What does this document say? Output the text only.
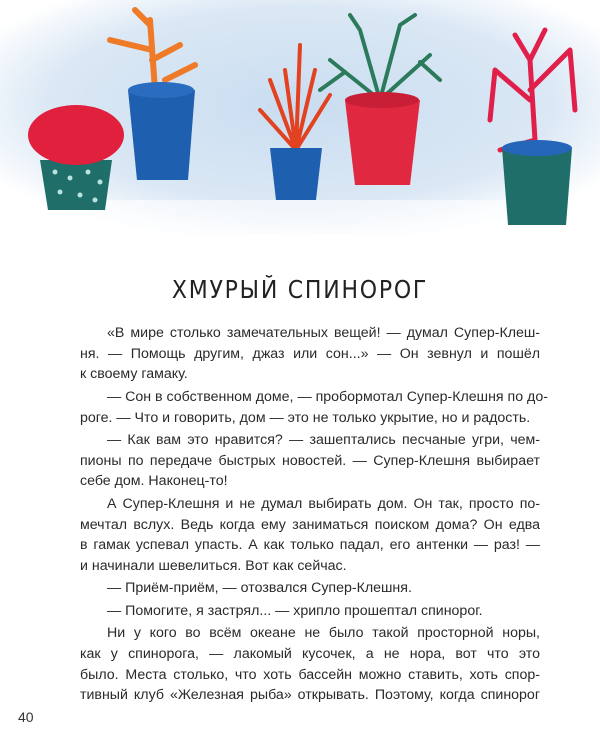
ХМУРЫЙ СПИНОРОГ
«В мире столько замечательных вещей! — думал Супер-Клеш-
ня. — Помощь другим, джаз или сон...» — Он зевнул и пошёл
к своему гамаку.
— Сон в собственном доме, — пробормотал Супер-Клешня по до-
роге. — Что и говорить, дом — это не только укрытие, но и радость.
— Как вам это нравится? — зашептались песчаные угри, чем-
пионы по передаче быстрых новостей. — Супер-Клешня выбирает
себе дом. Наконец-то!
А Супер-Клешня и не думал выбирать дом. Он так, просто по-
мечтал вслух. Ведь когда ему заниматься поиском дома? Он едва
в гамак успевал упасть. А как только падал, его антенки — раз! —
и начинали шевелиться. Вот как сейчас.
— Приём-приём, — отозвался Супер-Клешня.
— Помогите, я застрял... — хрипло прошептал спинорог.
Ни у кого во всём океане не было такой просторной норы,
как у спинорога, — лакомый кусочек, а не нора, вот что это
было. Места столько, что хоть бассейн можно ставить, хоть спор-
тивный клуб «Железная рыба» открывать. Поэтому, когда спинорог
40
